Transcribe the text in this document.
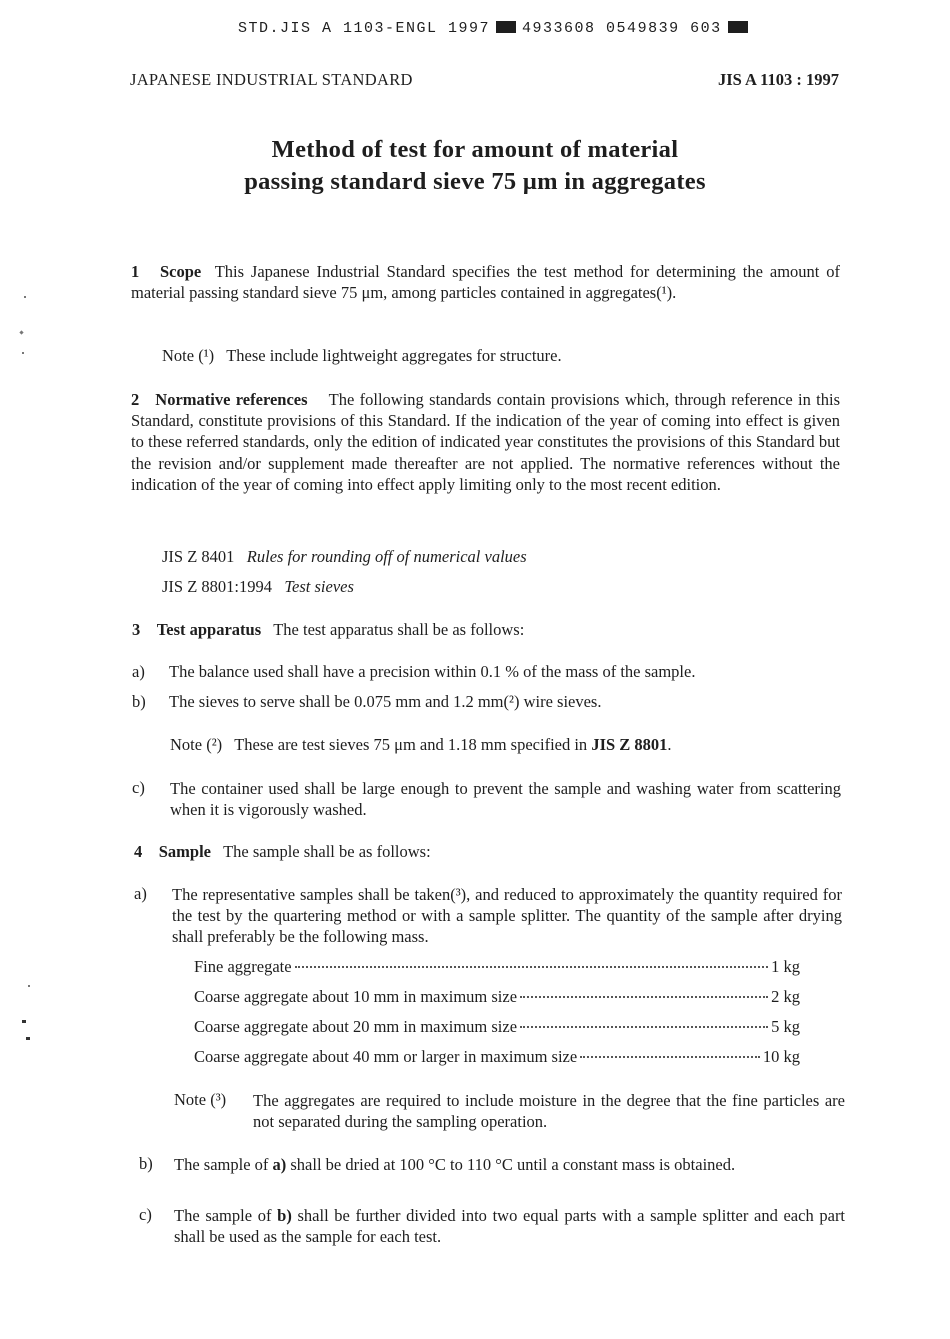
STD.JIS A 1103-ENGL 1997 4933608 0549839 603
JAPANESE INDUSTRIAL STANDARD	JIS A 1103 : 1997
Method of test for amount of material
passing standard sieve 75 μm in aggregates
1 Scope This Japanese Industrial Standard specifies the test method for determining the amount of material passing standard sieve 75 μm, among particles contained in aggregates(¹).
Note (¹) These include lightweight aggregates for structure.
2 Normative references The following standards contain provisions which, through reference in this Standard, constitute provisions of this Standard. If the indication of the year of coming into effect is given to these referred standards, only the edition of indicated year constitutes the provisions of this Standard but the revision and/or supplement made thereafter are not applied. The normative references without the indication of the year of coming into effect apply limiting only to the most recent edition.
JIS Z 8401 Rules for rounding off of numerical values
JIS Z 8801:1994 Test sieves
3 Test apparatus The test apparatus shall be as follows:
a) The balance used shall have a precision within 0.1 % of the mass of the sample.
b) The sieves to serve shall be 0.075 mm and 1.2 mm(²) wire sieves.
Note (²) These are test sieves 75 μm and 1.18 mm specified in JIS Z 8801.
c) The container used shall be large enough to prevent the sample and washing water from scattering when it is vigorously washed.
4 Sample The sample shall be as follows:
a) The representative samples shall be taken(³), and reduced to approximately the quantity required for the test by the quartering method or with a sample splitter. The quantity of the sample after drying shall preferably be the following mass.
Fine aggregate	1 kg
Coarse aggregate about 10 mm in maximum size	2 kg
Coarse aggregate about 20 mm in maximum size	5 kg
Coarse aggregate about 40 mm or larger in maximum size	10 kg
Note (³) The aggregates are required to include moisture in the degree that the fine particles are not separated during the sampling operation.
b) The sample of a) shall be dried at 100 °C to 110 °C until a constant mass is obtained.
c) The sample of b) shall be further divided into two equal parts with a sample splitter and each part shall be used as the sample for each test.
